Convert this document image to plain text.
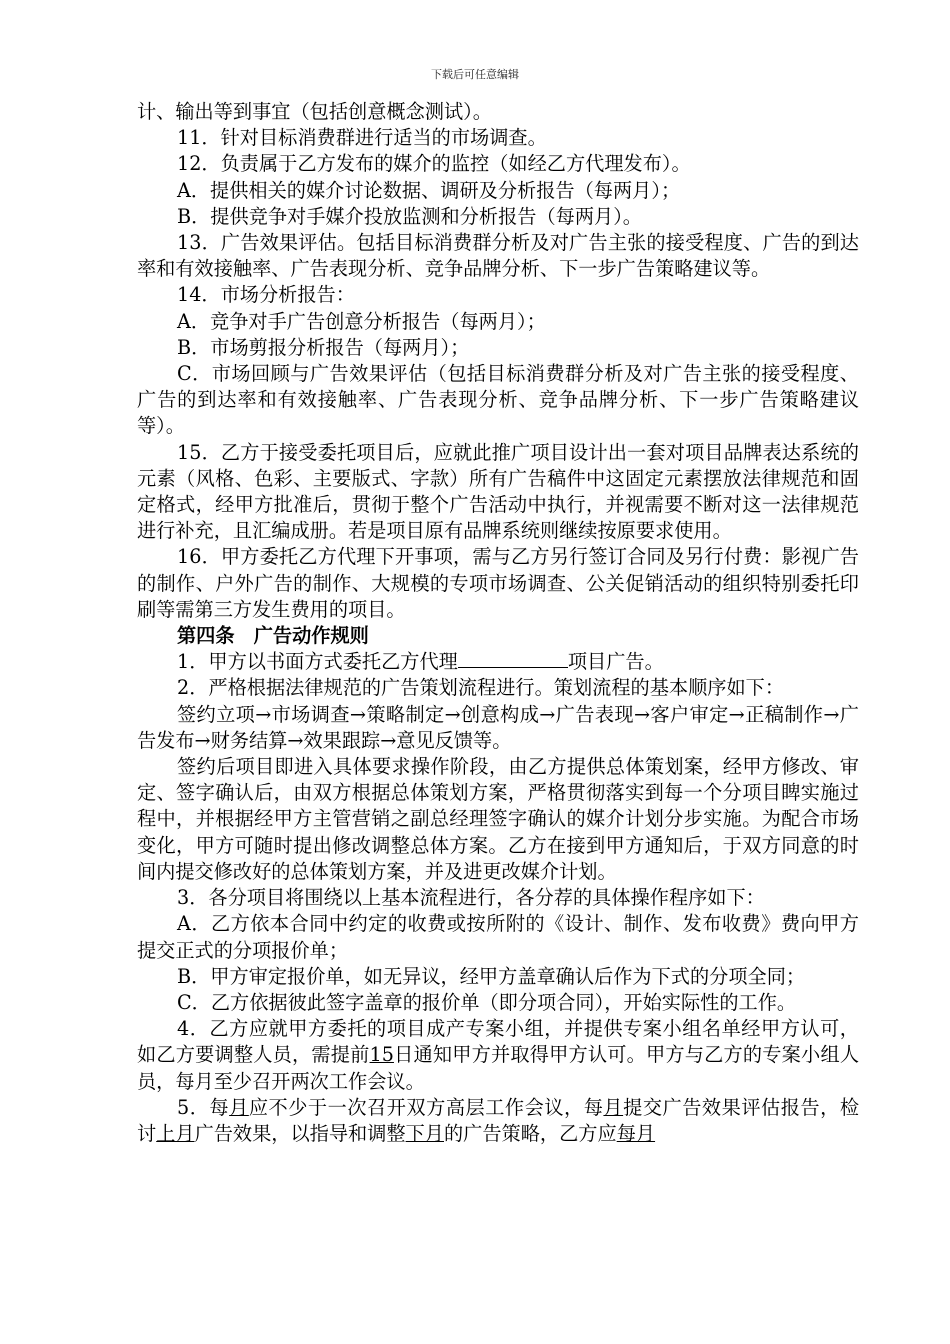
下载后可任意编辑

计、输出等到事宜（包括创意概念测试）。

11．针对目标消费群进行适当的市场调查。

12．负责属于乙方发布的媒介的监控（如经乙方代理发布）。

A．提供相关的媒介讨论数据、调研及分析报告（每两月）；

B．提供竞争对手媒介投放监测和分析报告（每两月）。

13．广告效果评估。包括目标消费群分析及对广告主张的接受程度、广告的到达率和有效接触率、广告表现分析、竞争品牌分析、下一步广告策略建议等。

14．市场分析报告：

A．竞争对手广告创意分析报告（每两月）；

B．市场剪报分析报告（每两月）；

C．市场回顾与广告效果评估（包括目标消费群分析及对广告主张的接受程度、广告的到达率和有效接触率、广告表现分析、竞争品牌分析、下一步广告策略建议等）。

15．乙方于接受委托项目后，应就此推广项目设计出一套对项目品牌表达系统的元素（风格、色彩、主要版式、字款）所有广告稿件中这固定元素摆放法律规范和固定格式，经甲方批准后，贯彻于整个广告活动中执行，并视需要不断对这一法律规范进行补充，且汇编成册。若是项目原有品牌系统则继续按原要求使用。

16．甲方委托乙方代理下开事项，需与乙方另行签订合同及另行付费：影视广告的制作、户外广告的制作、大规模的专项市场调查、公关促销活动的组织特别委托印刷等需第三方发生费用的项目。

第四条　广告动作规则

1．甲方以书面方式委托乙方代理	项目广告。

2．严格根据法律规范的广告策划流程进行。策划流程的基本顺序如下：

签约立项→市场调查→策略制定→创意构成→广告表现→客户审定→正稿制作→广告发布→财务结算→效果跟踪→意见反馈等。

签约后项目即进入具体要求操作阶段，由乙方提供总体策划案，经甲方修改、审定、签字确认后，由双方根据总体策划方案，严格贯彻落实到每一个分项目睥实施过程中，并根据经甲方主管营销之副总经理签字确认的媒介计划分步实施。为配合市场变化，甲方可随时提出修改调整总体方案。乙方在接到甲方通知后，于双方同意的时间内提交修改好的总体策划方案，并及进更改媒介计划。

3．各分项目将围绕以上基本流程进行，各分荐的具体操作程序如下：

A．乙方依本合同中约定的收费或按所附的《设计、制作、发布收费》费向甲方提交正式的分项报价单；

B．甲方审定报价单，如无异议，经甲方盖章确认后作为下式的分项全同；

C．乙方依据彼此签字盖章的报价单（即分项合同），开始实际性的工作。

4．乙方应就甲方委托的项目成产专案小组，并提供专案小组名单经甲方认可，如乙方要调整人员，需提前15日通知甲方并取得甲方认可。甲方与乙方的专案小组人员，每月至少召开两次工作会议。

5．每月应不少于一次召开双方高层工作会议，每月提交广告效果评估报告，检讨上月广告效果，以指导和调整下月的广告策略，乙方应每月
